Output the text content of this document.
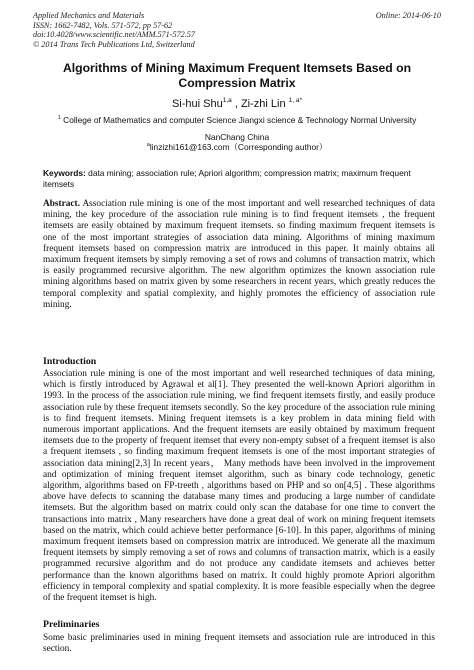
Applied Mechanics and Materials
ISSN: 1662-7482, Vols. 571-572, pp 57-62
doi:10.4028/www.scientific.net/AMM.571-572.57
© 2014 Trans Tech Publications Ltd, Switzerland
Online: 2014-06-10
Algorithms of Mining Maximum Frequent Itemsets Based on Compression Matrix
Si-hui Shu$^{1,a}$ , Zi-zhi Lin $^{1, a*}$
$^1$ College of Mathematics and computer Science Jiangxi science & Technology Normal University
NanChang China
$^a$linzizhi161@163.com（Corresponding author）
Keywords: data mining; association rule; Apriori algorithm; compression matrix; maximum frequent itemsets
Abstract. Association rule mining is one of the most important and well researched techniques of data mining, the key procedure of the association rule mining is to find frequent itemsets , the frequent itemsets are easily obtained by maximum frequent itemsets. so finding maximum frequent itemsets is one of the most important strategies of association data mining. Algorithms of mining maximum frequent itemsets based on compression matrix are introduced in this paper. It mainly obtains all maximum frequent itemsets by simply removing a set of rows and columns of transaction matrix, which is easily programmed recursive algorithm. The new algorithm optimizes the known association rule mining algorithms based on matrix given by some researchers in recent years, which greatly reduces the temporal complexity and spatial complexity, and highly promotes the efficiency of association rule mining.
Introduction
Association rule mining is one of the most important and well researched techniques of data mining, which is firstly introduced by Agrawal et al[1]. They presented the well-known Apriori algorithm in 1993. In the process of the association rule mining, we find frequent itemsets firstly, and easily produce association rule by these frequent itemsets secondly. So the key procedure of the association rule mining is to find frequent itemsets. Mining frequent itemsets is a key problem in data mining field with numerous important applications. And the frequent itemsets are easily obtained by maximum frequent itemsets due to the property of frequent itemset that every non-empty subset of a frequent itemset is also a frequent itemsets , so finding maximum frequent itemsets is one of the most important strategies of association data mining[2,3] In recent years， Many methods have been involved in the improvement and optimization of mining frequent itemset algorithm, such as binary code technology, genetic algorithm, algorithms based on FP-treeth , algorithms based on PHP and so on[4,5] . These algorithms above have defects to scanning the database many times and producing a large number of candidate itemsets. But the algorithm based on matrix could only scan the database for one time to convert the transactions into matrix , Many researchers have done a great deal of work on mining frequent itemsets based on the matrix, which could achieve better performance [6-10]. In this paper, algorithms of mining maximum frequent itemsets based on compression matrix are introduced. We generate all the maximum frequent itemsets by simply removing a set of rows and columns of transaction matrix, which is a easily programmed recursive algorithm and do not produce any candidate itemsets and achieves better performance than the known algorithms based on matrix. It could highly promote Apriori algorithm efficiency in temporal complexity and spatial complexity. It is more feasible especially when the degree of the frequent itemset is high.
Preliminaries
Some basic preliminaries used in mining frequent itemsets and association rule are introduced in this section.
